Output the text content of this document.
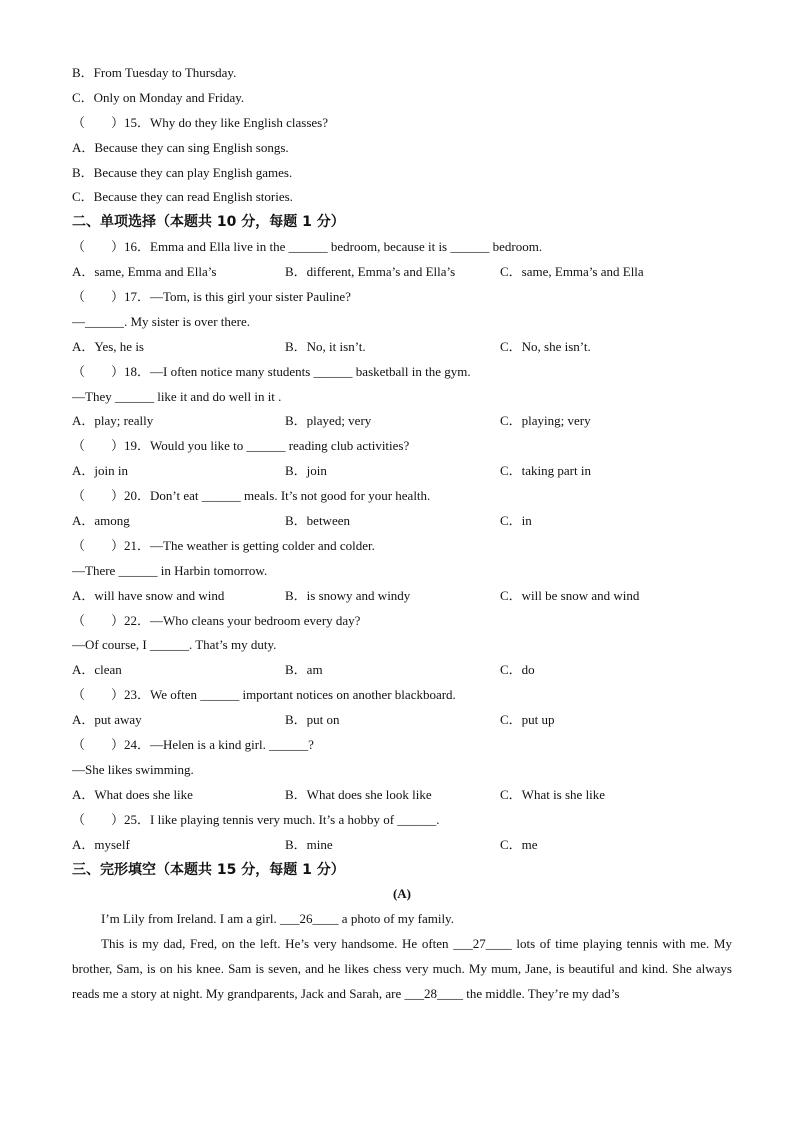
B．From Tuesday to Thursday.
C．Only on Monday and Friday.
（　　）15．Why do they like English classes?
A．Because they can sing English songs.
B．Because they can play English games.
C．Because they can read English stories.
二、单项选择（本题共 10 分，每题 1 分）
（　　）16．Emma and Ella live in the ______ bedroom, because it is ______ bedroom.
A．same, Emma and Ella’s	B．different, Emma’s and Ella’s	C．same, Emma’s and Ella
（　　）17．—Tom, is this girl your sister Pauline?
—______. My sister is over there.
A．Yes, he is	B．No, it isn’t.	C．No, she isn’t.
（　　）18．—I often notice many students ______ basketball in the gym.
—They ______ like it and do well in it .
A．play; really	B．played; very	C．playing; very
（　　）19．Would you like to ______ reading club activities?
A．join in	B．join	C．taking part in
（　　）20．Don’t eat ______ meals. It’s not good for your health.
A．among	B．between	C．in
（　　）21．—The weather is getting colder and colder.
—There ______ in Harbin tomorrow.
A．will have snow and wind	B．is snowy and windy	C．will be snow and wind
（　　）22．—Who cleans your bedroom every day?
—Of course, I ______. That’s my duty.
A．clean	B．am	C．do
（　　）23．We often ______ important notices on another blackboard.
A．put away	B．put on	C．put up
（　　）24．—Helen is a kind girl. ______?
—She likes swimming.
A．What does she like	B．What does she look like	C．What is she like
（　　）25．I like playing tennis very much. It’s a hobby of ______.
A．myself	B．mine	C．me
三、完形填空（本题共 15 分，每题 1 分）
(A)
I’m Lily from Ireland. I am a girl. ___26____ a photo of my family.
This is my dad, Fred, on the left. He’s very handsome. He often ___27____ lots of time playing tennis with me. My brother, Sam, is on his knee. Sam is seven, and he likes chess very much. My mum, Jane, is beautiful and kind. She always reads me a story at night. My grandparents, Jack and Sarah, are ___28____ the middle. They’re my dad’s
